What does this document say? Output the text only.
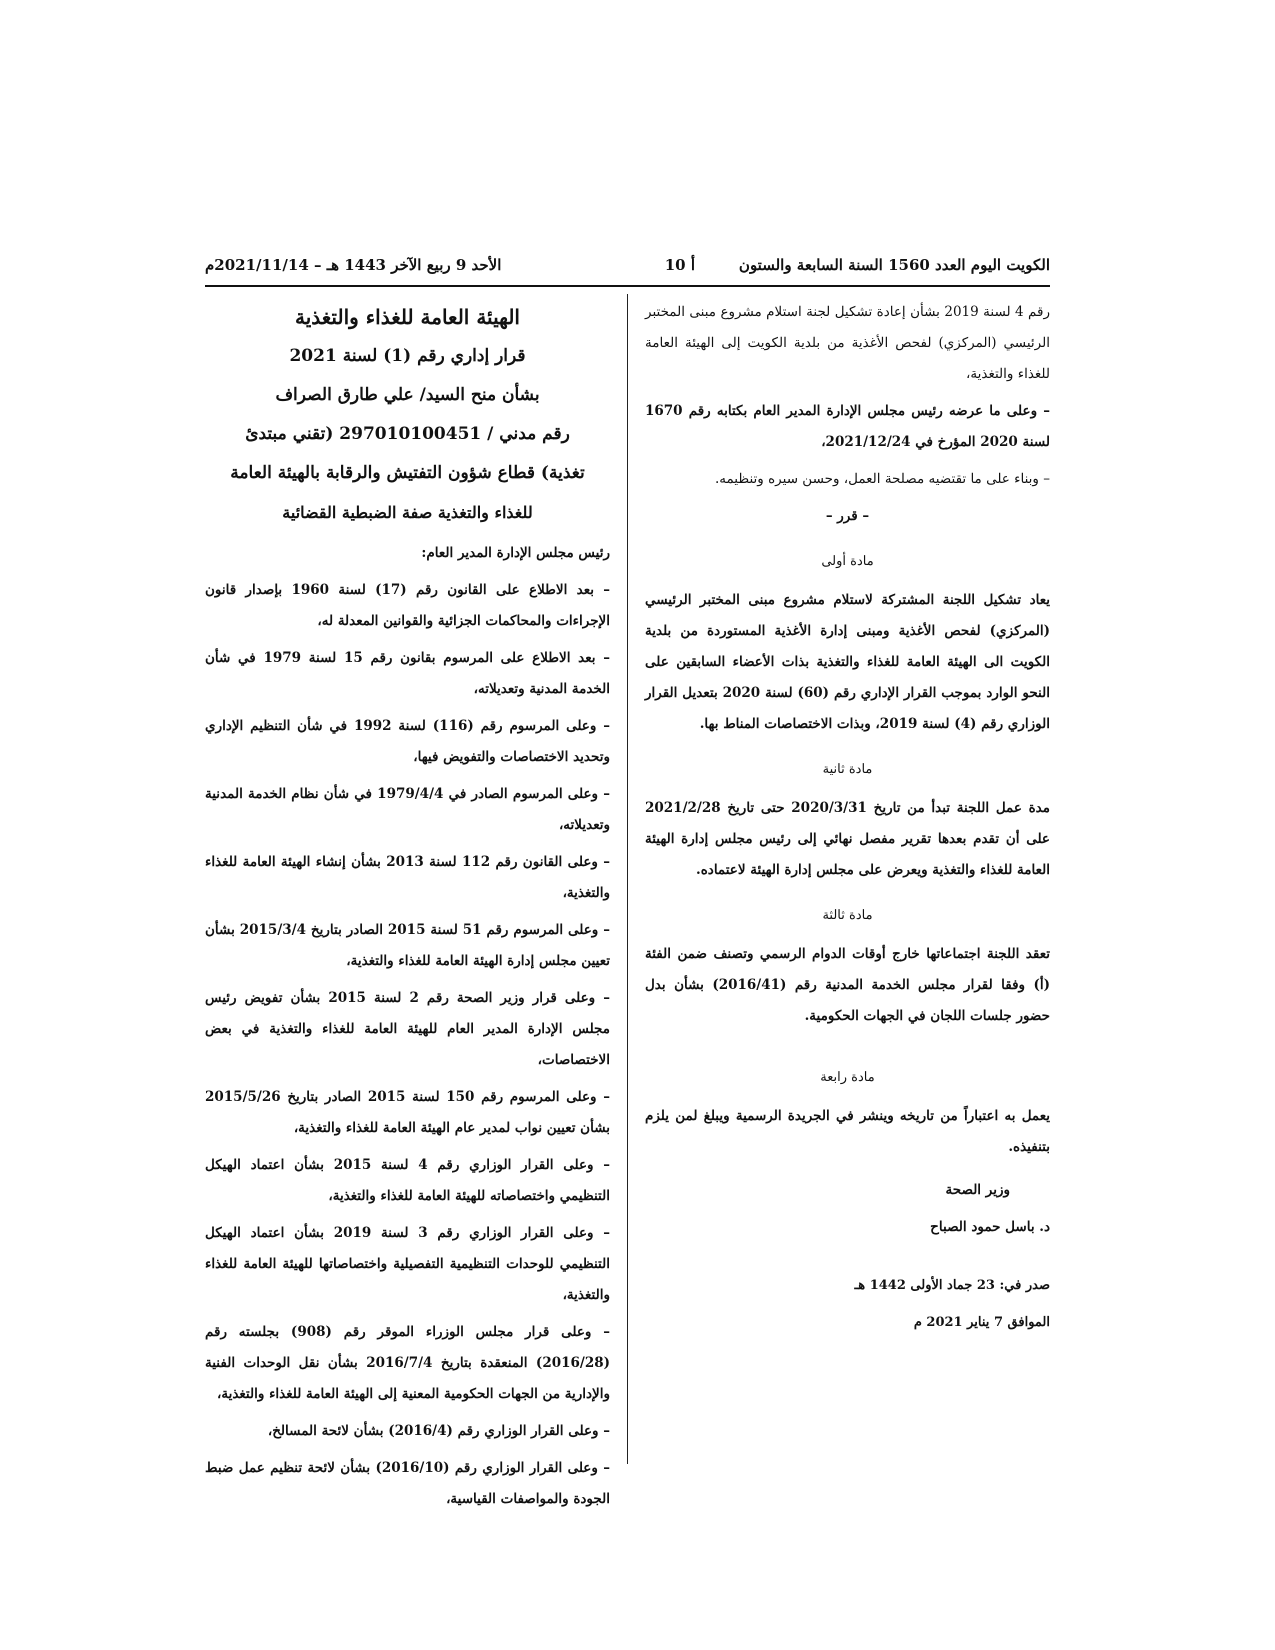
الكويت اليوم العدد 1560 السنة السابعة والستون
أ 10
الأحد 9 ربيع الآخر 1443 هـ – 2021/11/14م

رقم 4 لسنة 2019 بشأن إعادة تشكيل لجنة استلام مشروع مبنى المختبر الرئيسي (المركزي) لفحص الأغذية من بلدية الكويت إلى الهيئة العامة للغذاء والتغذية،

– وعلى ما عرضه رئيس مجلس الإدارة المدير العام بكتابه رقم 1670 لسنة 2020 المؤرخ في 2021/12/24،

– وبناء على ما تقتضيه مصلحة العمل، وحسن سيره وتنظيمه.

– قرر –

مادة أولى

يعاد تشكيل اللجنة المشتركة لاستلام مشروع مبنى المختبر الرئيسي (المركزي) لفحص الأغذية ومبنى إدارة الأغذية المستوردة من بلدية الكويت الى الهيئة العامة للغذاء والتغذية بذات الأعضاء السابقين على النحو الوارد بموجب القرار الإداري رقم (60) لسنة 2020 بتعديل القرار الوزاري رقم (4) لسنة 2019، وبذات الاختصاصات المناط بها.

مادة ثانية

مدة عمل اللجنة تبدأ من تاريخ 2020/3/31 حتى تاريخ 2021/2/28 على أن تقدم بعدها تقرير مفصل نهائي إلى رئيس مجلس إدارة الهيئة العامة للغذاء والتغذية ويعرض على مجلس إدارة الهيئة لاعتماده.

مادة ثالثة

تعقد اللجنة اجتماعاتها خارج أوقات الدوام الرسمي وتصنف ضمن الفئة (أ) وفقا لقرار مجلس الخدمة المدنية رقم (2016/41) بشأن بدل حضور جلسات اللجان في الجهات الحكومية.

مادة رابعة

يعمل به اعتباراً من تاريخه وينشر في الجريدة الرسمية ويبلغ لمن يلزم بتنفيذه.

وزير الصحة

د. باسل حمود الصباح

صدر في: 23 جماد الأولى 1442 هـ

الموافق 7 يناير 2021 م

الهيئة العامة للغذاء والتغذية

قرار إداري رقم (1) لسنة 2021

بشأن منح السيد/ علي طارق الصراف

رقم مدني / 297010100451 (تقني مبتدئ

تغذية) قطاع شؤون التفتيش والرقابة بالهيئة العامة

للغذاء والتغذية صفة الضبطية القضائية

رئيس مجلس الإدارة المدير العام:

– بعد الاطلاع على القانون رقم (17) لسنة 1960 بإصدار قانون الإجراءات والمحاكمات الجزائية والقوانين المعدلة له،

– بعد الاطلاع على المرسوم بقانون رقم 15 لسنة 1979 في شأن الخدمة المدنية وتعديلاته،

– وعلى المرسوم رقم (116) لسنة 1992 في شأن التنظيم الإداري وتحديد الاختصاصات والتفويض فيها،

– وعلى المرسوم الصادر في 1979/4/4 في شأن نظام الخدمة المدنية وتعديلاته،

– وعلى القانون رقم 112 لسنة 2013 بشأن إنشاء الهيئة العامة للغذاء والتغذية،

– وعلى المرسوم رقم 51 لسنة 2015 الصادر بتاريخ 2015/3/4 بشأن تعيين مجلس إدارة الهيئة العامة للغذاء والتغذية،

– وعلى قرار وزير الصحة رقم 2 لسنة 2015 بشأن تفويض رئيس مجلس الإدارة المدير العام للهيئة العامة للغذاء والتغذية في بعض الاختصاصات،

– وعلى المرسوم رقم 150 لسنة 2015 الصادر بتاريخ 2015/5/26 بشأن تعيين نواب لمدير عام الهيئة العامة للغذاء والتغذية،

– وعلى القرار الوزاري رقم 4 لسنة 2015 بشأن اعتماد الهيكل التنظيمي واختصاصاته للهيئة العامة للغذاء والتغذية،

– وعلى القرار الوزاري رقم 3 لسنة 2019 بشأن اعتماد الهيكل التنظيمي للوحدات التنظيمية التفصيلية واختصاصاتها للهيئة العامة للغذاء والتغذية،

– وعلى قرار مجلس الوزراء الموقر رقم (908) بجلسته رقم (2016/28) المنعقدة بتاريخ 2016/7/4 بشأن نقل الوحدات الفنية والإدارية من الجهات الحكومية المعنية إلى الهيئة العامة للغذاء والتغذية،

– وعلى القرار الوزاري رقم (2016/4) بشأن لائحة المسالخ،

– وعلى القرار الوزاري رقم (2016/10) بشأن لائحة تنظيم عمل ضبط الجودة والمواصفات القياسية،
